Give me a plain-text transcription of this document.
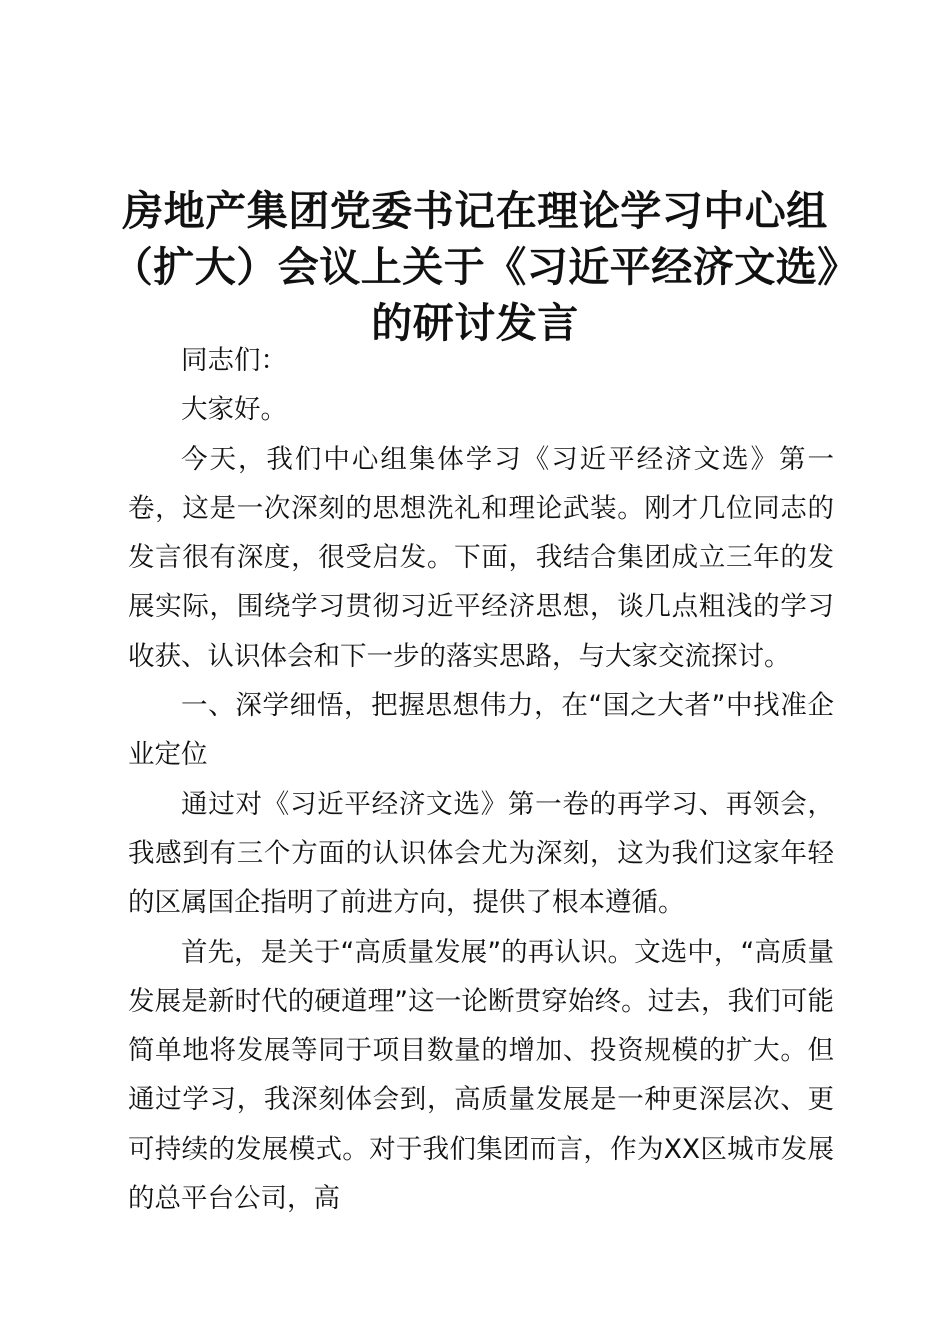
房地产集团党委书记在理论学习中心组（扩大）会议上关于《习近平经济文选》的研讨发言

同志们：

大家好。

今天，我们中心组集体学习《习近平经济文选》第一卷，这是一次深刻的思想洗礼和理论武装。刚才几位同志的发言很有深度，很受启发。下面，我结合集团成立三年的发展实际，围绕学习贯彻习近平经济思想，谈几点粗浅的学习收获、认识体会和下一步的落实思路，与大家交流探讨。

一、深学细悟，把握思想伟力，在“国之大者”中找准企业定位

通过对《习近平经济文选》第一卷的再学习、再领会，我感到有三个方面的认识体会尤为深刻，这为我们这家年轻的区属国企指明了前进方向，提供了根本遵循。

首先，是关于“高质量发展”的再认识。文选中，“高质量发展是新时代的硬道理”这一论断贯穿始终。过去，我们可能简单地将发展等同于项目数量的增加、投资规模的扩大。但通过学习，我深刻体会到，高质量发展是一种更深层次、更可持续的发展模式。对于我们集团而言，作为XX区城市发展的总平台公司，高
